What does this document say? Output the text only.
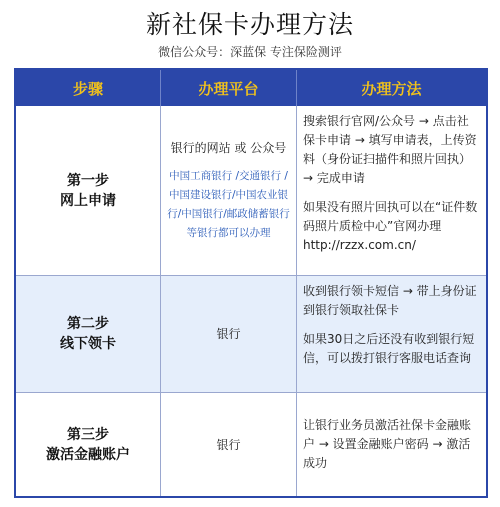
新社保卡办理方法
微信公众号：深蓝保 专注保险测评
步骤	办理平台	办理方法
第一步
网上申请
银行的网站 或 公众号
中国工商银行 /交通银行 /中国建设银行/中国农业银行/中国银行/邮政储蓄银行等银行都可以办理

搜索银行官网/公众号 → 点击社保卡申请 → 填写申请表，上传资料（身份证扫描件和照片回执） → 完成申请

如果没有照片回执可以在“证件数码照片质检中心”官网办理http://rzzx.com.cn/

第二步
线下领卡
银行

收到银行领卡短信 → 带上身份证到银行领取社保卡

如果30日之后还没有收到银行短信，可以拨打银行客服电话查询

第三步
激活金融账户
银行

让银行业务员激活社保卡金融账户 → 设置金融账户密码 → 激活成功
